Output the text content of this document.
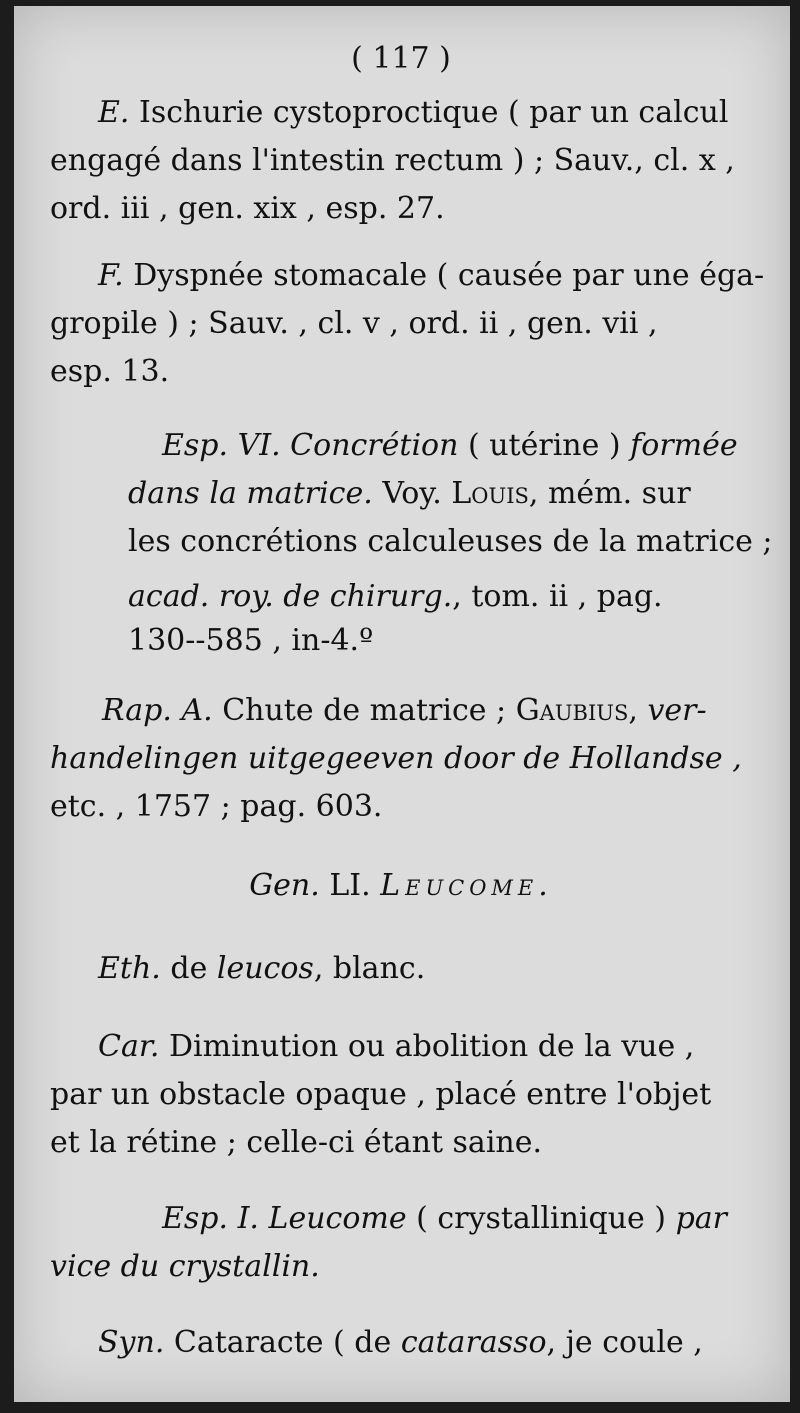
( 117 )
E. Ischurie cystoproctique ( par un calcul
engagé dans l'intestin rectum ) ; Sauv., cl. x ,
ord. iii , gen. xix , esp. 27.
F. Dyspnée stomacale ( causée par une éga-
gropile ) ; Sauv. , cl. v , ord. ii , gen. vii ,
esp. 13.
Esp. VI. Concrétion ( utérine ) formée
dans la matrice. Voy. Louis, mém. sur
les concrétions calculeuses de la matrice ;
acad. roy. de chirurg., tom. ii , pag.
130--585 , in-4.º
Rap. A. Chute de matrice ; Gaubius, ver-
handelingen uitgegeeven door de Hollandse ,
etc. , 1757 ; pag. 603.
Gen. LI. Leucome.
Eth. de leucos, blanc.
Car. Diminution ou abolition de la vue ,
par un obstacle opaque , placé entre l'objet
et la rétine ; celle-ci étant saine.
Esp. I. Leucome ( crystallinique ) par
vice du crystallin.
Syn. Cataracte ( de catarasso, je coule ,
